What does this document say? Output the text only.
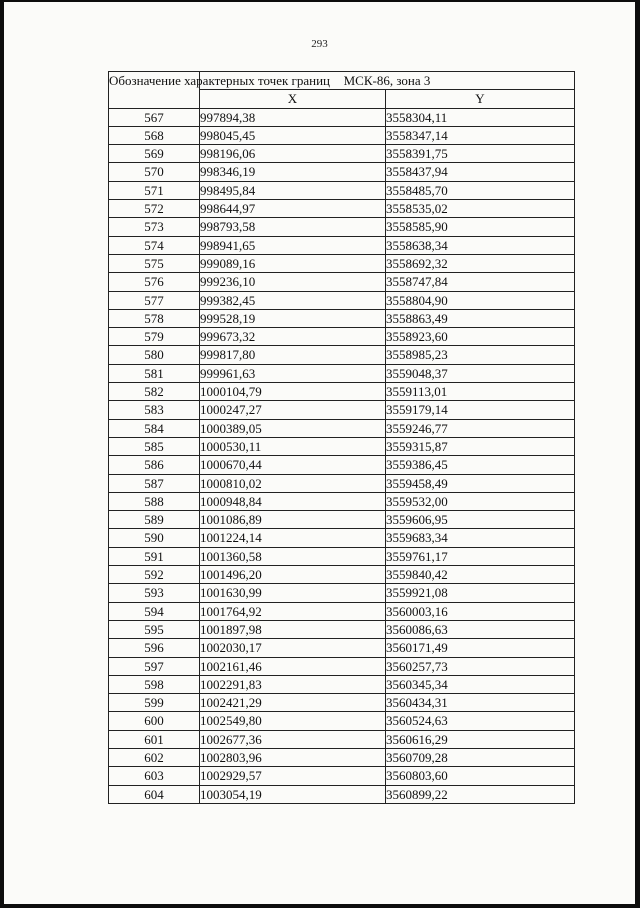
293
Обозначение характерных точек границ	МСК-86, зона 3	
	X	Y
567	997894,38	3558304,11
568	998045,45	3558347,14
569	998196,06	3558391,75
570	998346,19	3558437,94
571	998495,84	3558485,70
572	998644,97	3558535,02
573	998793,58	3558585,90
574	998941,65	3558638,34
575	999089,16	3558692,32
576	999236,10	3558747,84
577	999382,45	3558804,90
578	999528,19	3558863,49
579	999673,32	3558923,60
580	999817,80	3558985,23
581	999961,63	3559048,37
582	1000104,79	3559113,01
583	1000247,27	3559179,14
584	1000389,05	3559246,77
585	1000530,11	3559315,87
586	1000670,44	3559386,45
587	1000810,02	3559458,49
588	1000948,84	3559532,00
589	1001086,89	3559606,95
590	1001224,14	3559683,34
591	1001360,58	3559761,17
592	1001496,20	3559840,42
593	1001630,99	3559921,08
594	1001764,92	3560003,16
595	1001897,98	3560086,63
596	1002030,17	3560171,49
597	1002161,46	3560257,73
598	1002291,83	3560345,34
599	1002421,29	3560434,31
600	1002549,80	3560524,63
601	1002677,36	3560616,29
602	1002803,96	3560709,28
603	1002929,57	3560803,60
604	1003054,19	3560899,22
